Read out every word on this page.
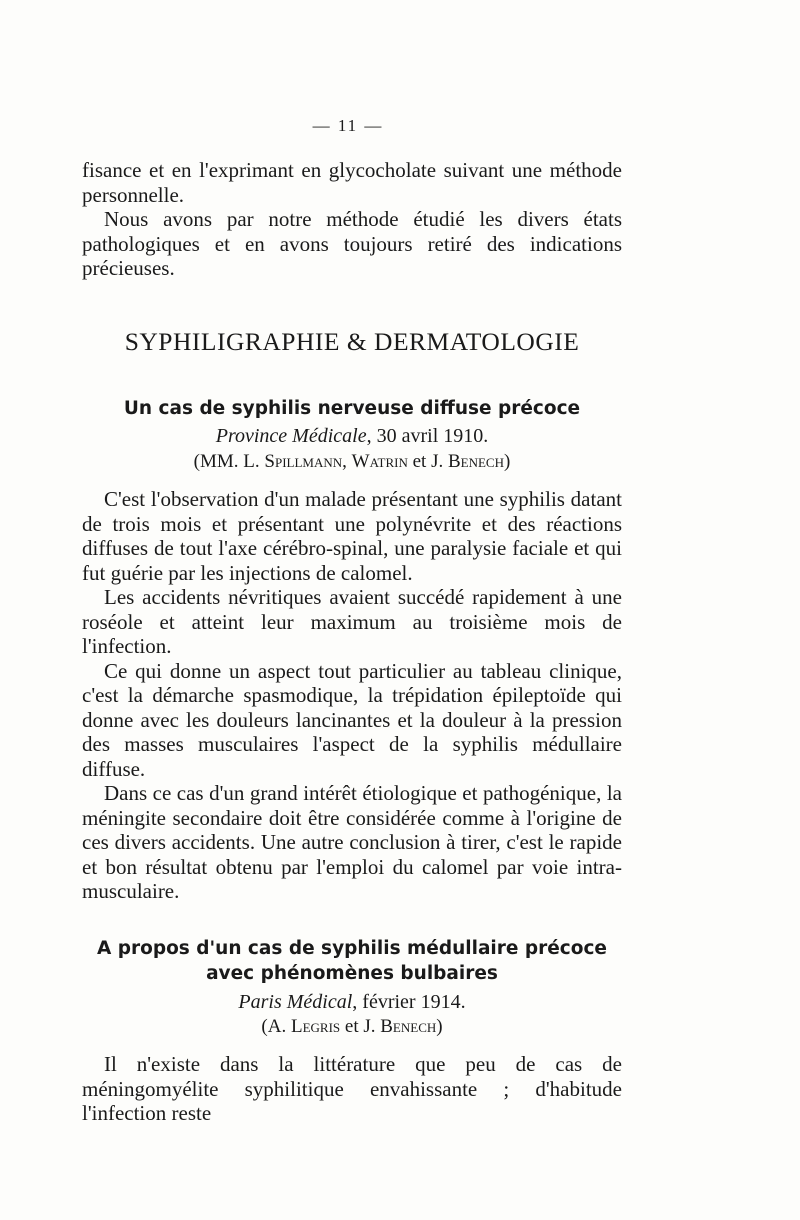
— 11 —

fisance et en l'exprimant en glycocholate suivant une méthode personnelle.

Nous avons par notre méthode étudié les divers états pathologiques et en avons toujours retiré des indications précieuses.

SYPHILIGRAPHIE & DERMATOLOGIE
Un cas de syphilis nerveuse diffuse précoce
Province Médicale, 30 avril 1910.
(MM. L. Spillmann, Watrin et J. Benech)

C'est l'observation d'un malade présentant une syphilis datant de trois mois et présentant une polynévrite et des réactions diffuses de tout l'axe cérébro-spinal, une paralysie faciale et qui fut guérie par les injections de calomel.

Les accidents névritiques avaient succédé rapidement à une roséole et atteint leur maximum au troisième mois de l'infection.

Ce qui donne un aspect tout particulier au tableau clinique, c'est la démarche spasmodique, la trépidation épileptoïde qui donne avec les douleurs lancinantes et la douleur à la pression des masses musculaires l'aspect de la syphilis médullaire diffuse.

Dans ce cas d'un grand intérêt étiologique et pathogénique, la méningite secondaire doit être considérée comme à l'origine de ces divers accidents. Une autre conclusion à tirer, c'est le rapide et bon résultat obtenu par l'emploi du calomel par voie intra-musculaire.

A propos d'un cas de syphilis médullaire précoce
avec phénomènes bulbaires
Paris Médical, février 1914.
(A. Legris et J. Benech)

Il n'existe dans la littérature que peu de cas de méningomyélite syphilitique envahissante ; d'habitude l'infection reste
